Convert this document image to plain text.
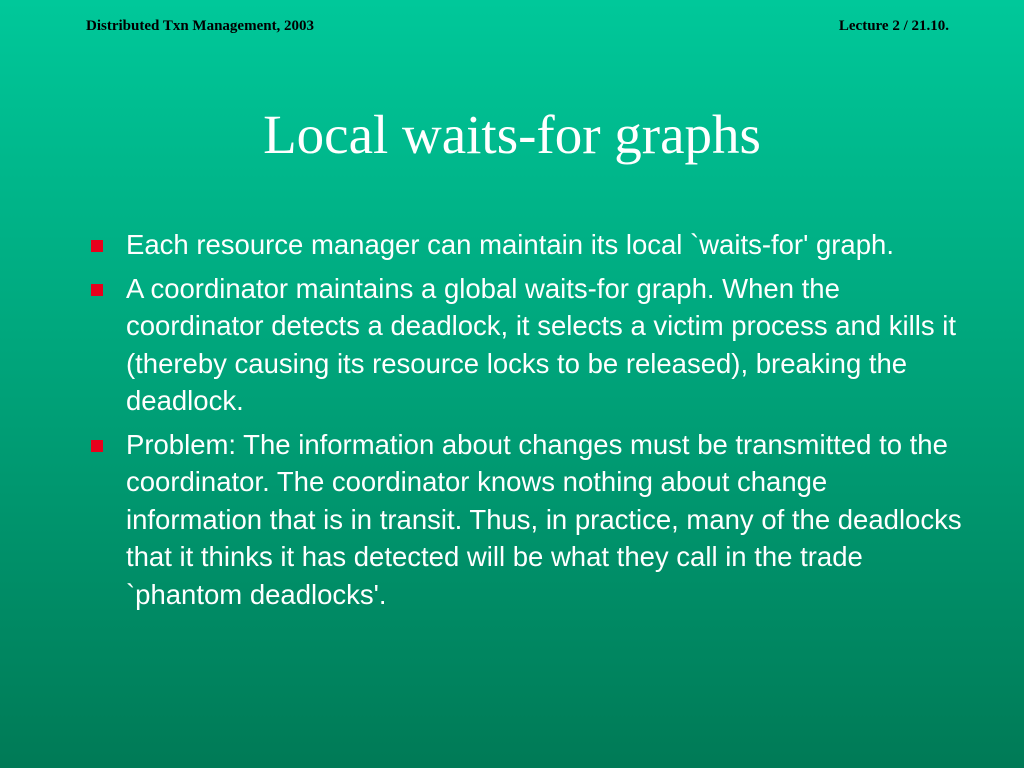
Distributed Txn Management, 2003	Lecture 2 / 21.10.
Local waits-for graphs
Each resource manager can maintain its local `waits-for' graph.
A coordinator maintains a global waits-for graph. When the coordinator detects a deadlock, it selects a victim process and kills it (thereby causing its resource locks to be released), breaking the deadlock.
Problem: The information about changes must be transmitted to the coordinator. The coordinator knows nothing about change information that is in transit. Thus, in practice, many of the deadlocks that it thinks it has detected will be what they call in the trade `phantom deadlocks'.
